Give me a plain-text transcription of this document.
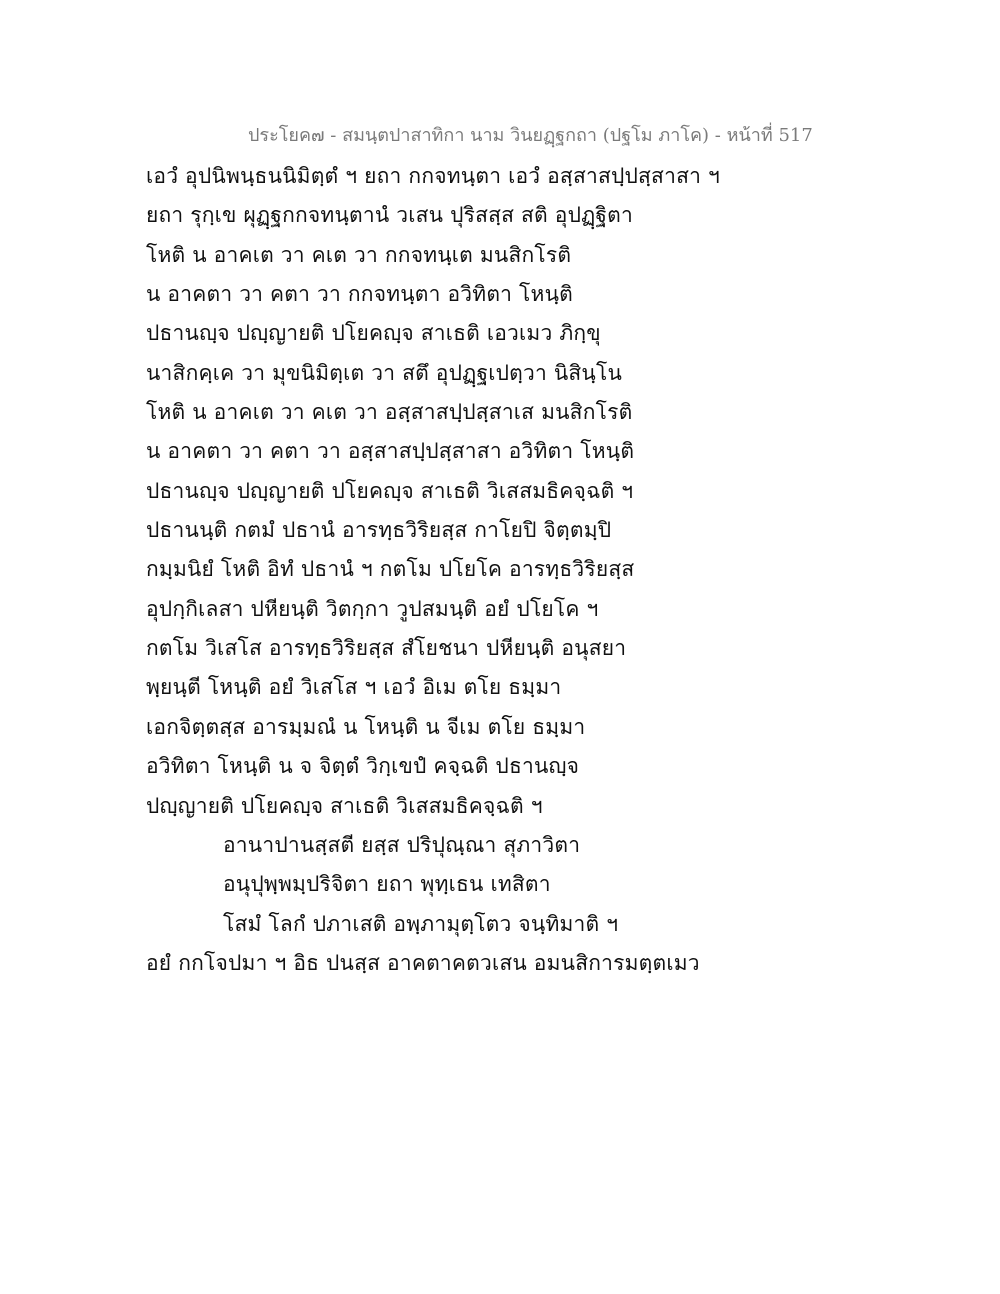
ประโยค๗ - สมนฺตปาสาทิกา นาม วินยฏฺฐกถา (ปฐโม ภาโค) - หน้าที่ 517
เอวํ อุปนิพนฺธนนิมิตฺตํ ฯ ยถา กกจทนฺตา เอวํ อสฺสาสปฺปสฺสาสา ฯ
ยถา รุกฺเข ผุฏฺฐกกจทนฺตานํ วเสน ปุริสสฺส สติ อุปฏฺฐิตา
โหติ น อาคเต วา คเต วา กกจทนฺเต มนสิกโรติ
น อาคตา วา คตา วา กกจทนฺตา อวิทิตา โหนฺติ
ปธานญฺจ ปญฺญายติ ปโยคญฺจ สาเธติ เอวเมว ภิกฺขุ
นาสิกคฺเค วา มุขนิมิตฺเต วา สตึ อุปฏฺฐเปตฺวา นิสินฺโน
โหติ น อาคเต วา คเต วา อสฺสาสปฺปสฺสาเส มนสิกโรติ
น อาคตา วา คตา วา อสฺสาสปฺปสฺสาสา อวิทิตา โหนฺติ
ปธานญฺจ ปญฺญายติ ปโยคญฺจ สาเธติ วิเสสมธิคจฺฉติ ฯ
ปธานนฺติ กตมํ ปธานํ อารทฺธวิริยสฺส กาโยปิ จิตฺตมฺปิ
กมฺมนิยํ โหติ อิทํ ปธานํ ฯ กตโม ปโยโค อารทฺธวิริยสฺส
อุปกฺกิเลสา ปหียนฺติ วิตกฺกา วูปสมนฺติ อยํ ปโยโค ฯ
กตโม วิเสโส อารทฺธวิริยสฺส สํโยชนา ปหียนฺติ อนุสยา
พฺยนฺตี โหนฺติ อยํ วิเสโส ฯ เอวํ อิเม ตโย ธมฺมา
เอกจิตฺตสฺส อารมฺมณํ น โหนฺติ น จีเม ตโย ธมฺมา
อวิทิตา โหนฺติ น จ จิตฺตํ วิกฺเขปํ คจฺฉติ ปธานญฺจ
ปญฺญายติ ปโยคญฺจ สาเธติ วิเสสมธิคจฺฉติ ฯ
อานาปานสฺสตี ยสฺส ปริปุณฺณา สุภาวิตา
อนุปุพฺพมฺปริจิตา ยถา พุทฺเธน เทสิตา
โสมํ โลกํ ปภาเสติ อพฺภามุตฺโตว จนฺทิมาติ ฯ
อยํ กกโจปมา ฯ อิธ ปนสฺส อาคตาคตวเสน อมนสิการมตฺตเมว
